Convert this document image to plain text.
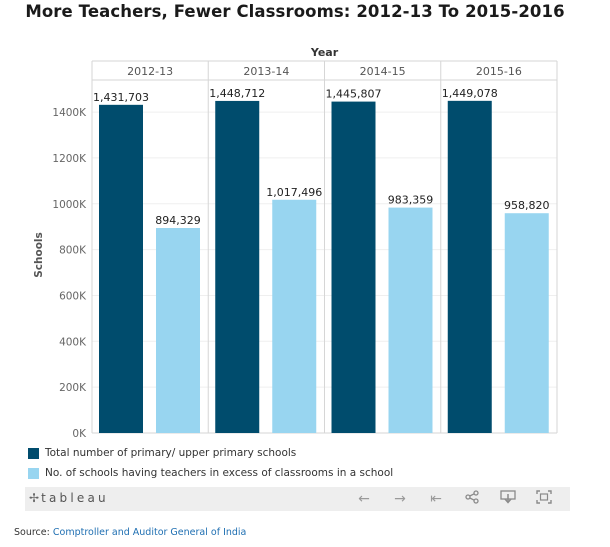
More Teachers, Fewer Classrooms: 2012-13 To 2015-2016
Year
2012-13	2013-14	2014-15	2015-16
0K
200K
400K
600K
800K
1000K
1200K
1400K
Schools
1,431,703
894,329
1,448,712
1,017,496
1,445,807
983,359
1,449,078
958,820
Total number of primary/ upper primary schools
No. of schools having teachers in excess of classrooms in a school
✢ tableau	←	→	⇤
Source: Comptroller and Auditor General of India
